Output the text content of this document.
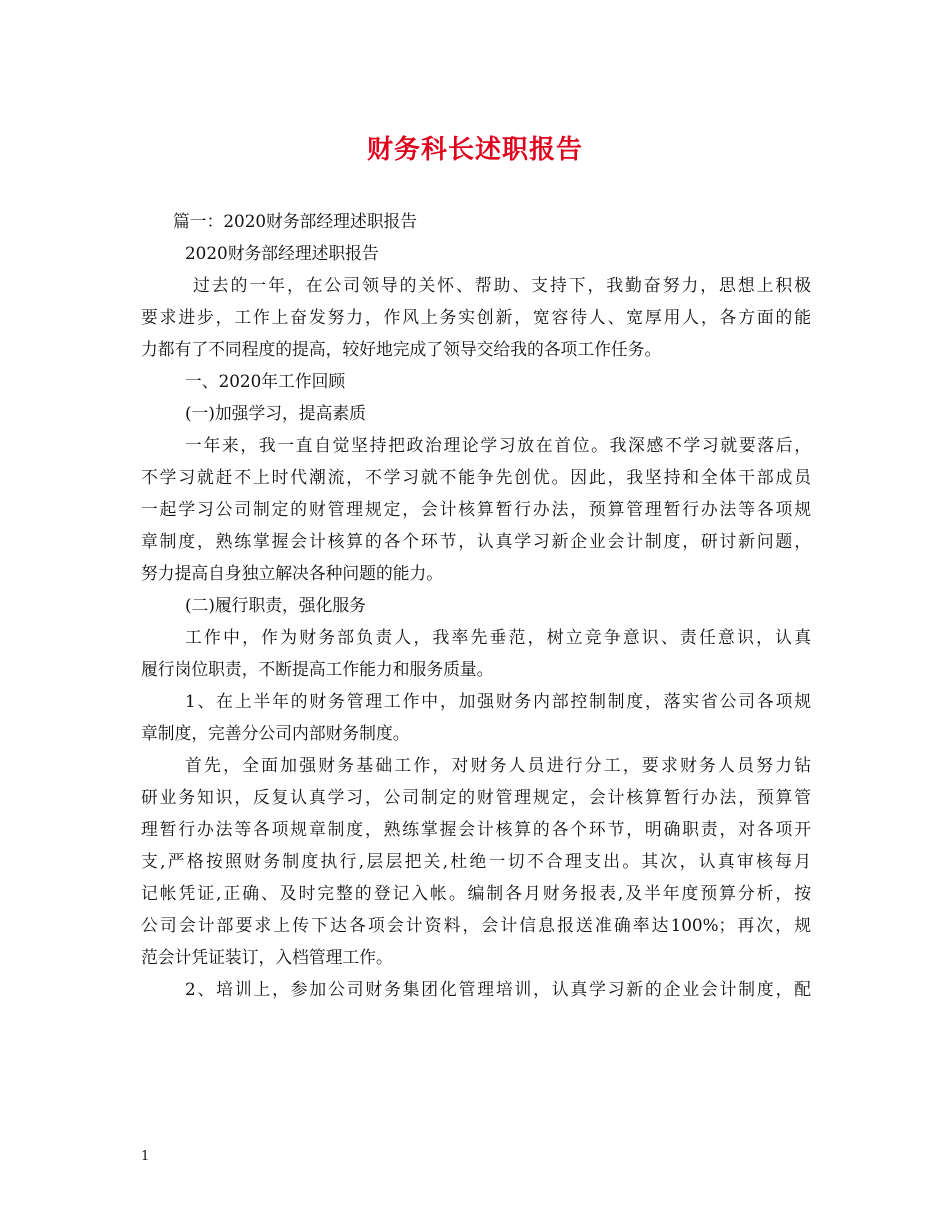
财务科长述职报告
篇一：2020财务部经理述职报告
2020财务部经理述职报告
过去的一年，在公司领导的关怀、帮助、支持下，我勤奋努力，思想上积极
要求进步，工作上奋发努力，作风上务实创新，宽容待人、宽厚用人，各方面的能
力都有了不同程度的提高，较好地完成了领导交给我的各项工作任务。
一、2020年工作回顾
(一)加强学习，提高素质
一年来，我一直自觉坚持把政治理论学习放在首位。我深感不学习就要落后，
不学习就赶不上时代潮流，不学习就不能争先创优。因此，我坚持和全体干部成员
一起学习公司制定的财管理规定，会计核算暂行办法，预算管理暂行办法等各项规
章制度，熟练掌握会计核算的各个环节，认真学习新企业会计制度，研讨新问题，
努力提高自身独立解决各种问题的能力。
(二)履行职责，强化服务
工作中，作为财务部负责人，我率先垂范，树立竞争意识、责任意识，认真
履行岗位职责，不断提高工作能力和服务质量。
1、在上半年的财务管理工作中，加强财务内部控制制度，落实省公司各项规
章制度，完善分公司内部财务制度。
首先，全面加强财务基础工作，对财务人员进行分工，要求财务人员努力钻
研业务知识，反复认真学习，公司制定的财管理规定，会计核算暂行办法，预算管
理暂行办法等各项规章制度，熟练掌握会计核算的各个环节，明确职责，对各项开
支,严格按照财务制度执行,层层把关,杜绝一切不合理支出。其次，认真审核每月
记帐凭证,正确、及时完整的登记入帐。编制各月财务报表,及半年度预算分析，按
公司会计部要求上传下达各项会计资料，会计信息报送准确率达100%；再次，规
范会计凭证装订，入档管理工作。
2、培训上，参加公司财务集团化管理培训，认真学习新的企业会计制度，配
1
